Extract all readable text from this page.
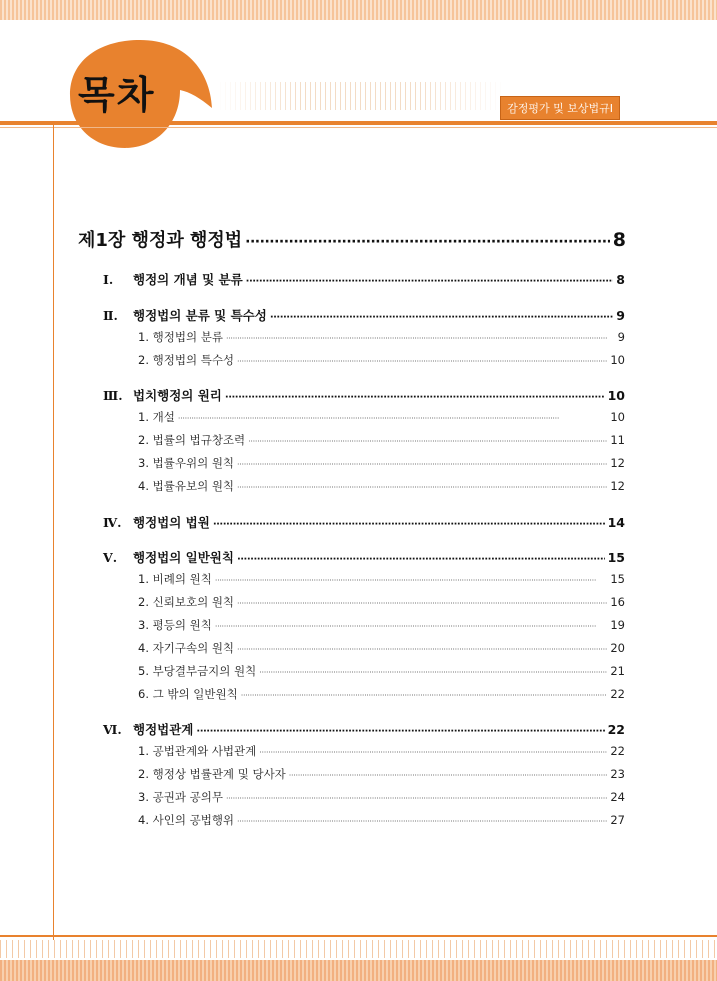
목차	감정평가 및 보상법규Ⅰ
제1장 행정과 행정법 ·····	8
Ⅰ. 행정의 개념 및 분류 ·····	8
Ⅱ. 행정법의 분류 및 특수성 ·····	9
1. 행정법의 분류 ·····	9
2. 행정법의 특수성 ·····	10
Ⅲ. 법치행정의 원리 ·····	10
1. 개설 ·····	10
2. 법률의 법규창조력 ·····	11
3. 법률우위의 원칙 ·····	12
4. 법률유보의 원칙 ·····	12
Ⅳ. 행정법의 법원 ·····	14
Ⅴ. 행정법의 일반원칙 ·····	15
1. 비례의 원칙 ·····	15
2. 신뢰보호의 원칙 ·····	16
3. 평등의 원칙 ·····	19
4. 자기구속의 원칙 ·····	20
5. 부당결부금지의 원칙 ·····	21
6. 그 밖의 일반원칙 ·····	22
Ⅵ. 행정법관계 ·····	22
1. 공법관계와 사법관계 ·····	22
2. 행정상 법률관계 및 당사자 ·····	23
3. 공권과 공의무 ·····	24
4. 사인의 공법행위 ·····	27
